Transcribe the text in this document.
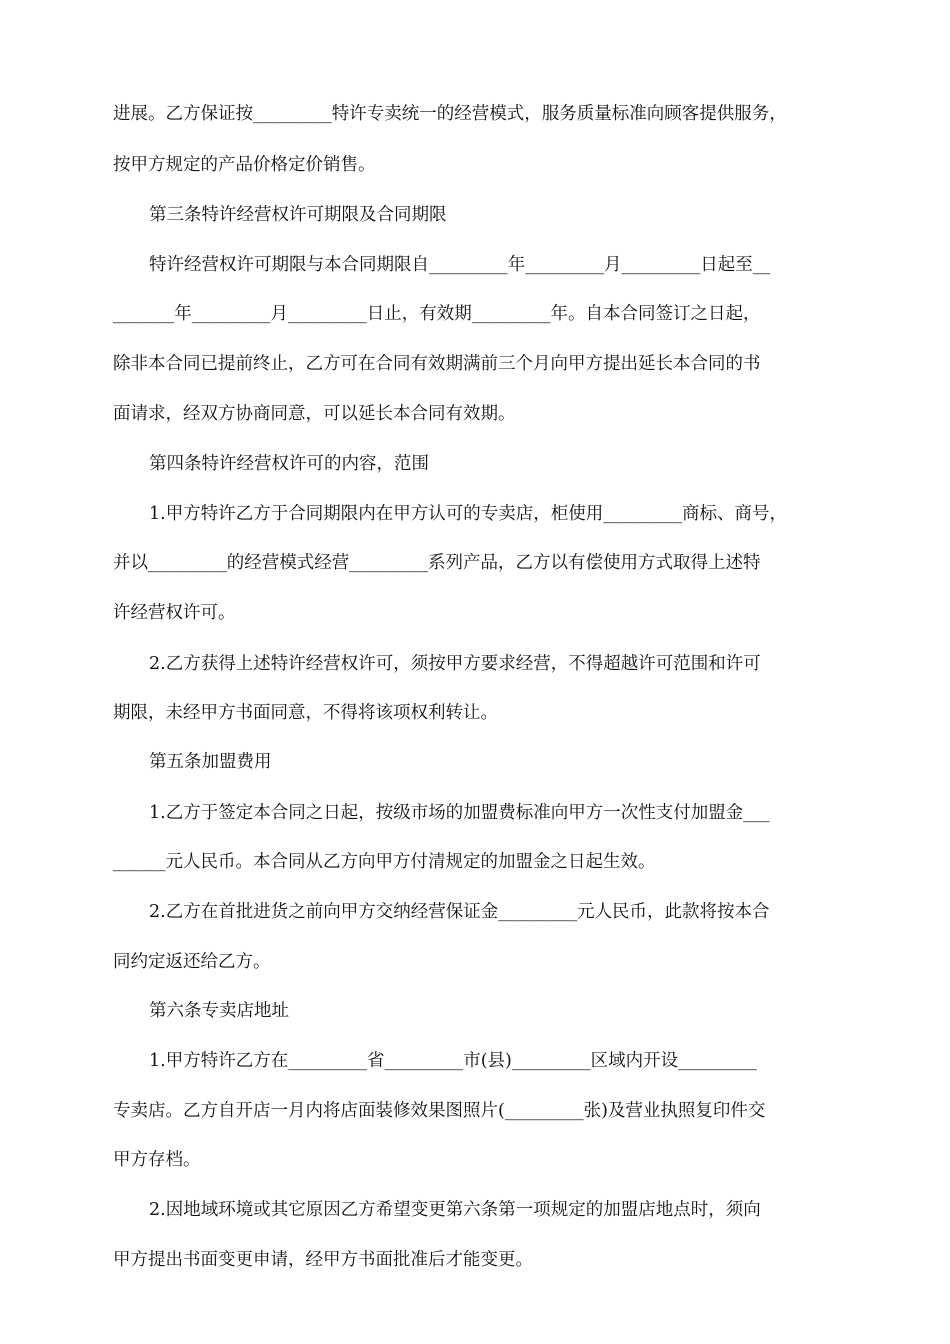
进展。乙方保证按_________特许专卖统一的经营模式，服务质量标准向顾客提供服务，
按甲方规定的产品价格定价销售。
第三条特许经营权许可期限及合同期限
特许经营权许可期限与本合同期限自_________年_________月_________日起至__
_______年_________月_________日止，有效期_________年。自本合同签订之日起，
除非本合同已提前终止，乙方可在合同有效期满前三个月向甲方提出延长本合同的书
面请求，经双方协商同意，可以延长本合同有效期。
第四条特许经营权许可的内容，范围
1.甲方特许乙方于合同期限内在甲方认可的专卖店，柜使用_________商标、商号，
并以_________的经营模式经营_________系列产品，乙方以有偿使用方式取得上述特
许经营权许可。
2.乙方获得上述特许经营权许可，须按甲方要求经营，不得超越许可范围和许可
期限，未经甲方书面同意，不得将该项权利转让。
第五条加盟费用
1.乙方于签定本合同之日起，按级市场的加盟费标准向甲方一次性支付加盟金___
______元人民币。本合同从乙方向甲方付清规定的加盟金之日起生效。
2.乙方在首批进货之前向甲方交纳经营保证金_________元人民币，此款将按本合
同约定返还给乙方。
第六条专卖店地址
1.甲方特许乙方在_________省_________市(县)_________区域内开设_________
专卖店。乙方自开店一月内将店面装修效果图照片(_________张)及营业执照复印件交
甲方存档。
2.因地域环境或其它原因乙方希望变更第六条第一项规定的加盟店地点时，须向
甲方提出书面变更申请，经甲方书面批准后才能变更。
